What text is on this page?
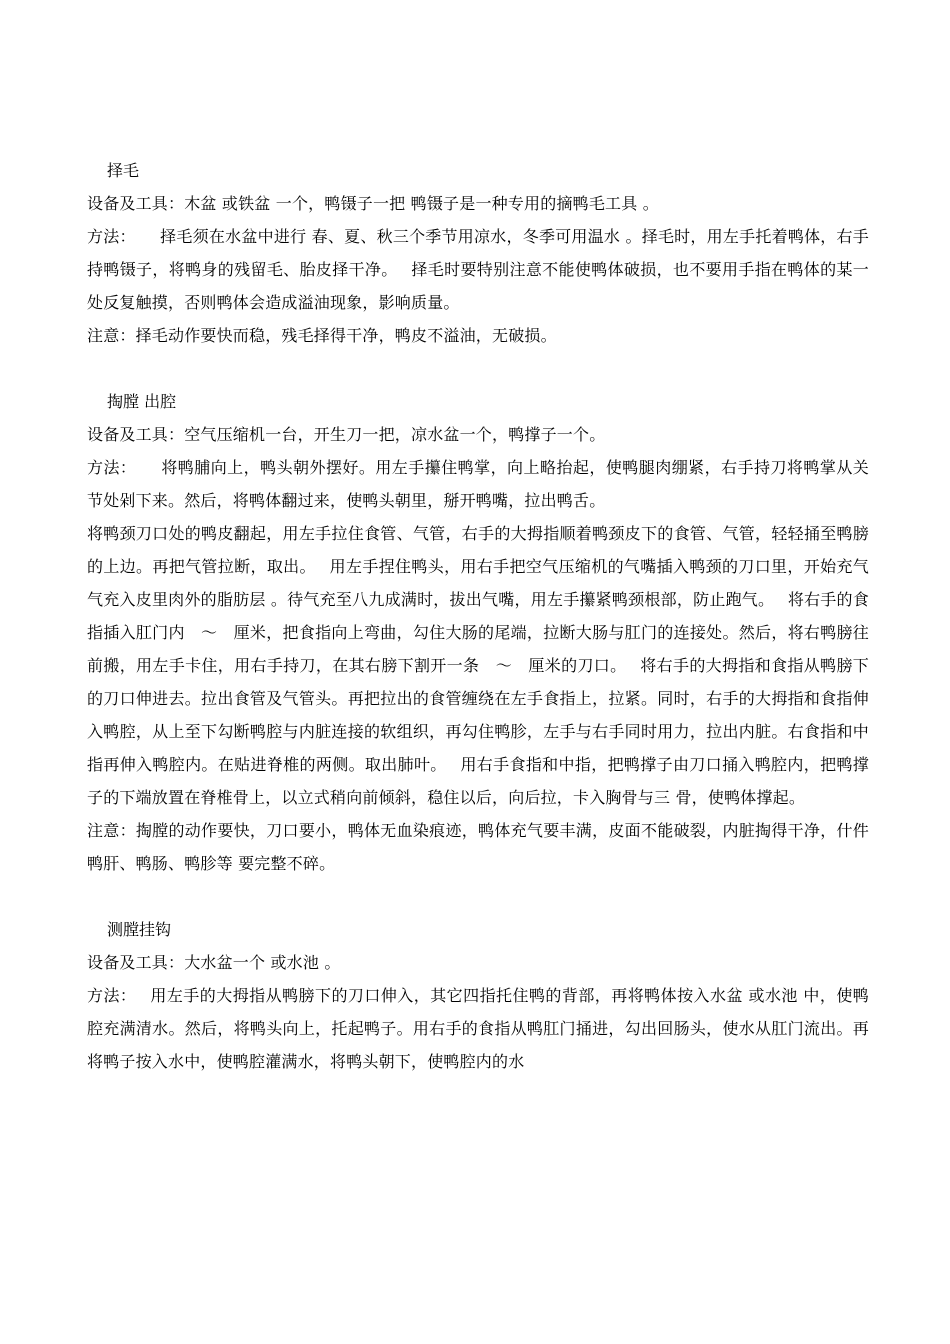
择毛

设备及工具：木盆 或铁盆 一个，鸭镊子一把 鸭镊子是一种专用的摘鸭毛工具 。

方法：　　择毛须在水盆中进行 春、夏、秋三个季节用凉水，冬季可用温水 。择毛时，用左手托着鸭体，右手持鸭镊子，将鸭身的残留毛、胎皮择干净。　 择毛时要特别注意不能使鸭体破损，也不要用手指在鸭体的某一处反复触摸，否则鸭体会造成溢油现象，影响质量。

注意：择毛动作要快而稳，残毛择得干净，鸭皮不溢油，无破损。

掏膛 出腔

设备及工具：空气压缩机一台，开生刀一把，凉水盆一个，鸭撑子一个。

方法：　　将鸭脯向上，鸭头朝外摆好。用左手攥住鸭掌，向上略抬起，使鸭腿肉绷紧，右手持刀将鸭掌从关节处剁下来。然后，将鸭体翻过来，使鸭头朝里，掰开鸭嘴，拉出鸭舌。

将鸭颈刀口处的鸭皮翻起，用左手拉住食管、气管，右手的大拇指顺着鸭颈皮下的食管、气管，轻轻捅至鸭膀的上边。再把气管拉断，取出。　 用左手捏住鸭头，用右手把空气压缩机的气嘴插入鸭颈的刀口里，开始充气 气充入皮里肉外的脂肪层 。待气充至八九成满时，拔出气嘴，用左手攥紧鸭颈根部，防止跑气。　 将右手的食指插入肛门内　～　厘米，把食指向上弯曲，勾住大肠的尾端，拉断大肠与肛门的连接处。然后，将右鸭膀往前搬，用左手卡住，用右手持刀，在其右膀下割开一条　～　厘米的刀口。　 将右手的大拇指和食指从鸭膀下的刀口伸进去。拉出食管及气管头。再把拉出的食管缠绕在左手食指上，拉紧。同时，右手的大拇指和食指伸入鸭腔，从上至下勾断鸭腔与内脏连接的软组织，再勾住鸭胗，左手与右手同时用力，拉出内脏。右食指和中指再伸入鸭腔内。在贴进脊椎的两侧。取出肺叶。　 用右手食指和中指，把鸭撑子由刀口捅入鸭腔内，把鸭撑子的下端放置在脊椎骨上，以立式稍向前倾斜，稳住以后，向后拉，卡入胸骨与三 骨，使鸭体撑起。

注意：掏膛的动作要快，刀口要小，鸭体无血染痕迹，鸭体充气要丰满，皮面不能破裂，内脏掏得干净，什件 鸭肝、鸭肠、鸭胗等 要完整不碎。

测膛挂钩

设备及工具：大水盆一个 或水池 。

方法：　 用左手的大拇指从鸭膀下的刀口伸入，其它四指托住鸭的背部，再将鸭体按入水盆 或水池 中，使鸭腔充满清水。然后，将鸭头向上，托起鸭子。用右手的食指从鸭肛门捅进，勾出回肠头，使水从肛门流出。再将鸭子按入水中，使鸭腔灌满水，将鸭头朝下，使鸭腔内的水
